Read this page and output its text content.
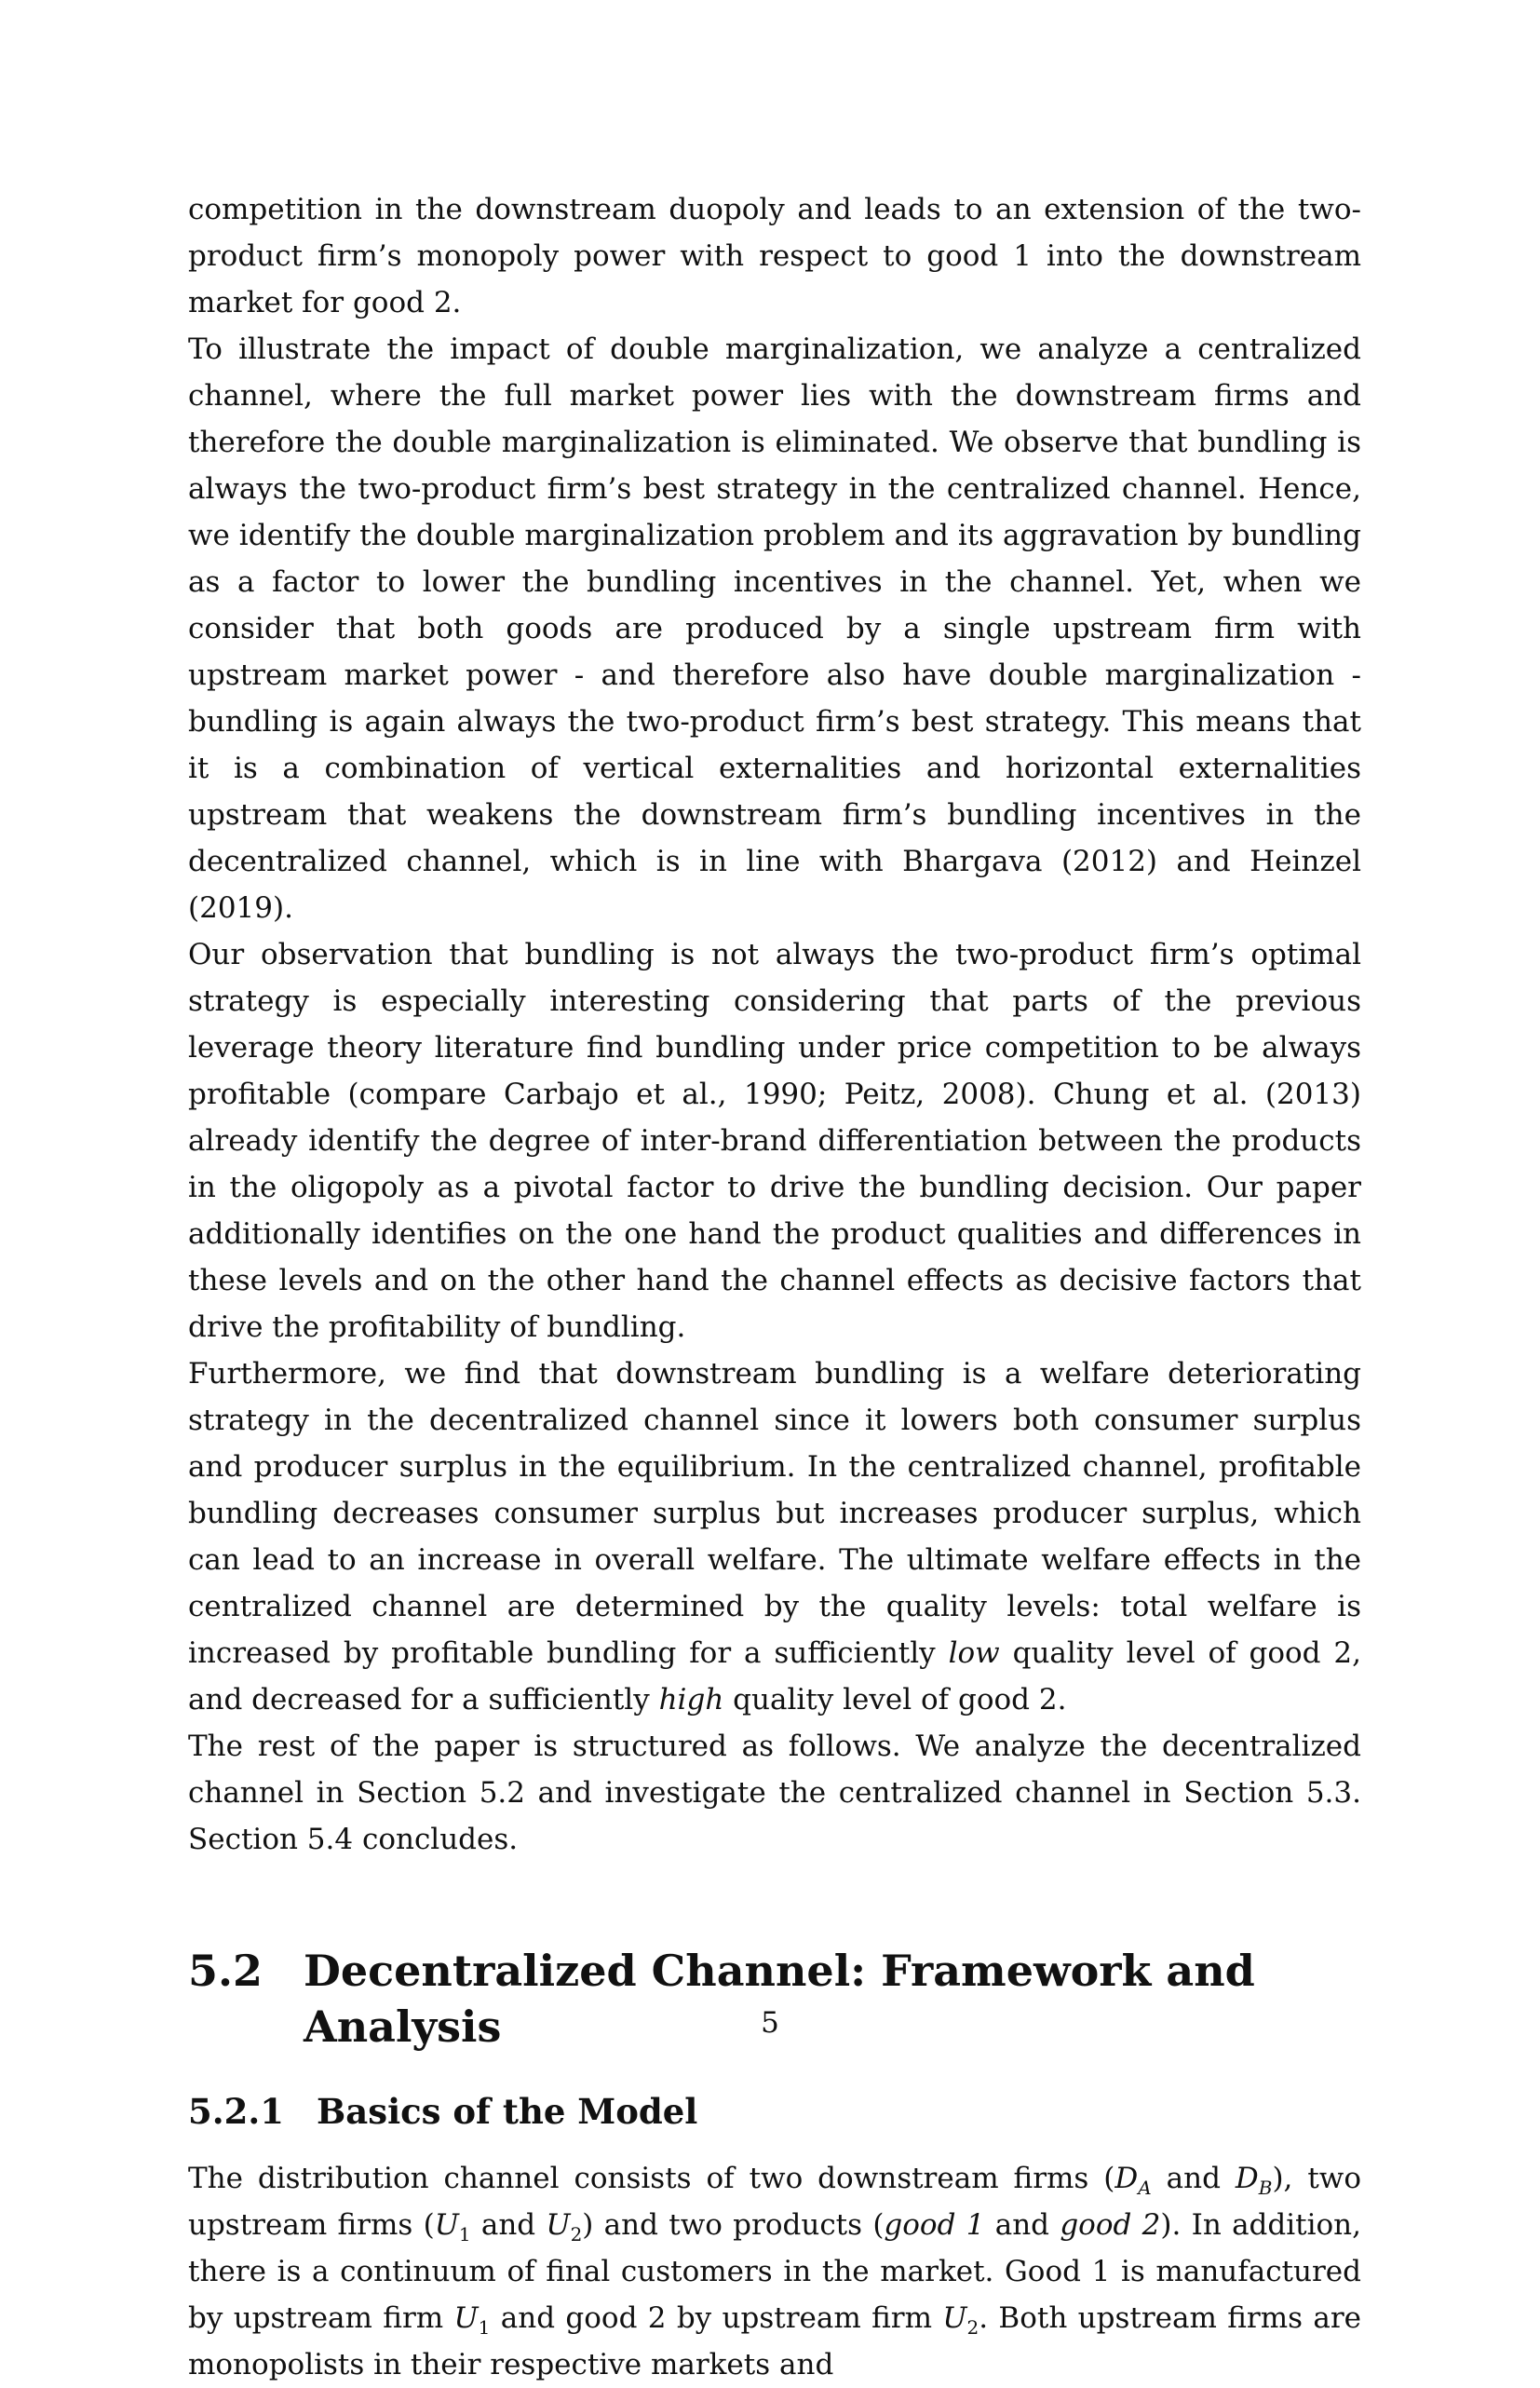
competition in the downstream duopoly and leads to an extension of the two-product firm’s monopoly power with respect to good 1 into the downstream market for good 2.

To illustrate the impact of double marginalization, we analyze a centralized channel, where the full market power lies with the downstream firms and therefore the double marginalization is eliminated. We observe that bundling is always the two-product firm’s best strategy in the centralized channel. Hence, we identify the double marginalization problem and its aggravation by bundling as a factor to lower the bundling incentives in the channel. Yet, when we consider that both goods are produced by a single upstream firm with upstream market power - and therefore also have double marginalization - bundling is again always the two-product firm’s best strategy. This means that it is a combination of vertical externalities and horizontal externalities upstream that weakens the downstream firm’s bundling incentives in the decentralized channel, which is in line with Bhargava (2012) and Heinzel (2019).

Our observation that bundling is not always the two-product firm’s optimal strategy is especially interesting considering that parts of the previous leverage theory literature find bundling under price competition to be always profitable (compare Carbajo et al., 1990; Peitz, 2008). Chung et al. (2013) already identify the degree of inter-brand differentiation between the products in the oligopoly as a pivotal factor to drive the bundling decision. Our paper additionally identifies on the one hand the product qualities and differences in these levels and on the other hand the channel effects as decisive factors that drive the profitability of bundling.

Furthermore, we find that downstream bundling is a welfare deteriorating strategy in the decentralized channel since it lowers both consumer surplus and producer surplus in the equilibrium. In the centralized channel, profitable bundling decreases consumer surplus but increases producer surplus, which can lead to an increase in overall welfare. The ultimate welfare effects in the centralized channel are determined by the quality levels: total welfare is increased by profitable bundling for a sufficiently low quality level of good 2, and decreased for a sufficiently high quality level of good 2.

The rest of the paper is structured as follows. We analyze the decentralized channel in Section 5.2 and investigate the centralized channel in Section 5.3. Section 5.4 concludes.

5.2 Decentralized Channel: Framework and Analysis
5.2.1 Basics of the Model

The distribution channel consists of two downstream firms ($D_A$ and $D_B$), two upstream firms ($U_1$ and $U_2$) and two products (good 1 and good 2). In addition, there is a continuum of final customers in the market. Good 1 is manufactured by upstream firm $U_1$ and good 2 by upstream firm $U_2$. Both upstream firms are monopolists in their respective markets and

5
